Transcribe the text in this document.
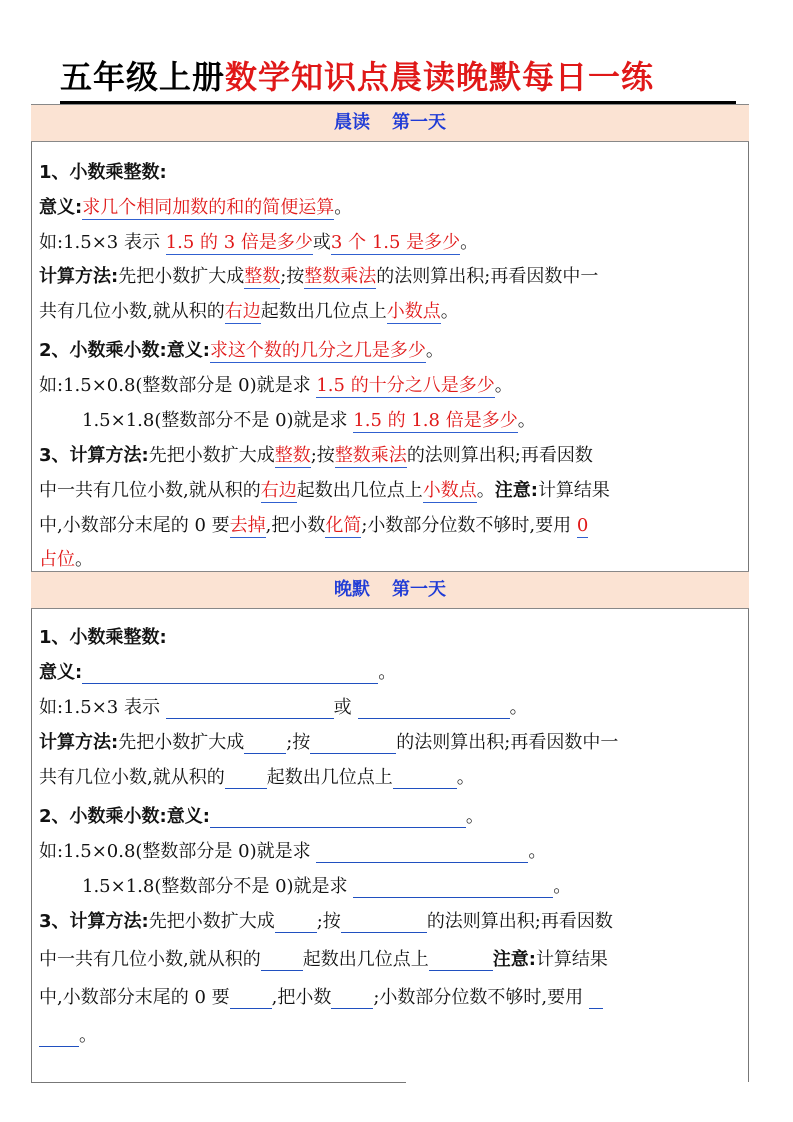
五年级上册数学知识点晨读晚默每日一练
晨读 第一天
1、小数乘整数:
意义:求几个相同加数的和的简便运算。
如:1.5×3 表示 1.5 的 3 倍是多少或3 个 1.5 是多少。
计算方法:先把小数扩大成整数;按整数乘法的法则算出积;再看因数中一
共有几位小数,就从积的右边起数出几位点上小数点。
2、小数乘小数:意义:求这个数的几分之几是多少。
如:1.5×0.8(整数部分是 0)就是求 1.5 的十分之八是多少。
1.5×1.8(整数部分不是 0)就是求 1.5 的 1.8 倍是多少。
3、计算方法:先把小数扩大成整数;按整数乘法的法则算出积;再看因数
中一共有几位小数,就从积的右边起数出几位点上小数点。注意:计算结果
中,小数部分末尾的 0 要去掉,把小数化简;小数部分位数不够时,要用 0
占位。
晚默 第一天
1、小数乘整数:
意义:	。
如:1.5×3 表示	或	。
计算方法:先把小数扩大成 ;按	的法则算出积;再看因数中一
共有几位小数,就从积的 起数出几位点上	。
2、小数乘小数:意义:	。
如:1.5×0.8(整数部分是 0)就是求	。
1.5×1.8(整数部分不是 0)就是求	。
3、计算方法:先把小数扩大成 ;按	的法则算出积;再看因数
中一共有几位小数,就从积的 起数出几位点上	注意:计算结果
中,小数部分末尾的 0 要 ,把小数 ;小数部分位数不够时,要用
。
